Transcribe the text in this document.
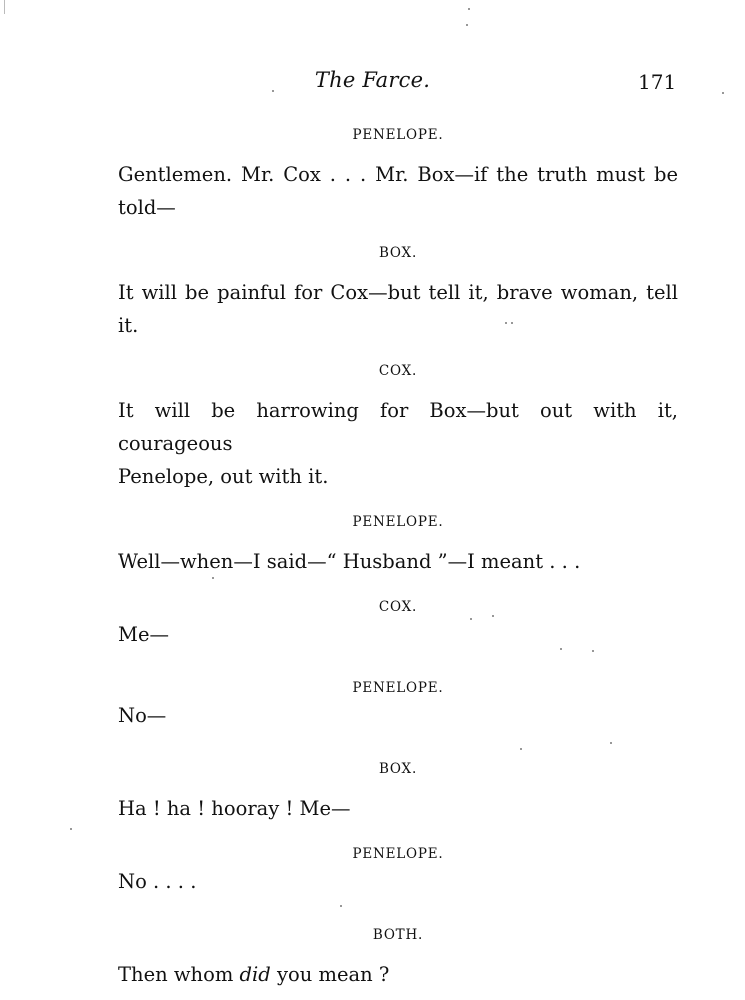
The Farce.	171

PENELOPE.

Gentlemen. Mr. Cox . . . Mr. Box—if the truth must be

told—

BOX.

It will be painful for Cox—but tell it, brave woman, tell it.

COX.

It will be harrowing for Box—but out with it, courageous

Penelope, out with it.

PENELOPE.

Well—when—I said—“ Husband ”—I meant . . .

COX.

Me—

PENELOPE.

No—

BOX.

Ha ! ha ! hooray ! Me—

PENELOPE.

No . . . .

BOTH.

Then whom did you mean ?
